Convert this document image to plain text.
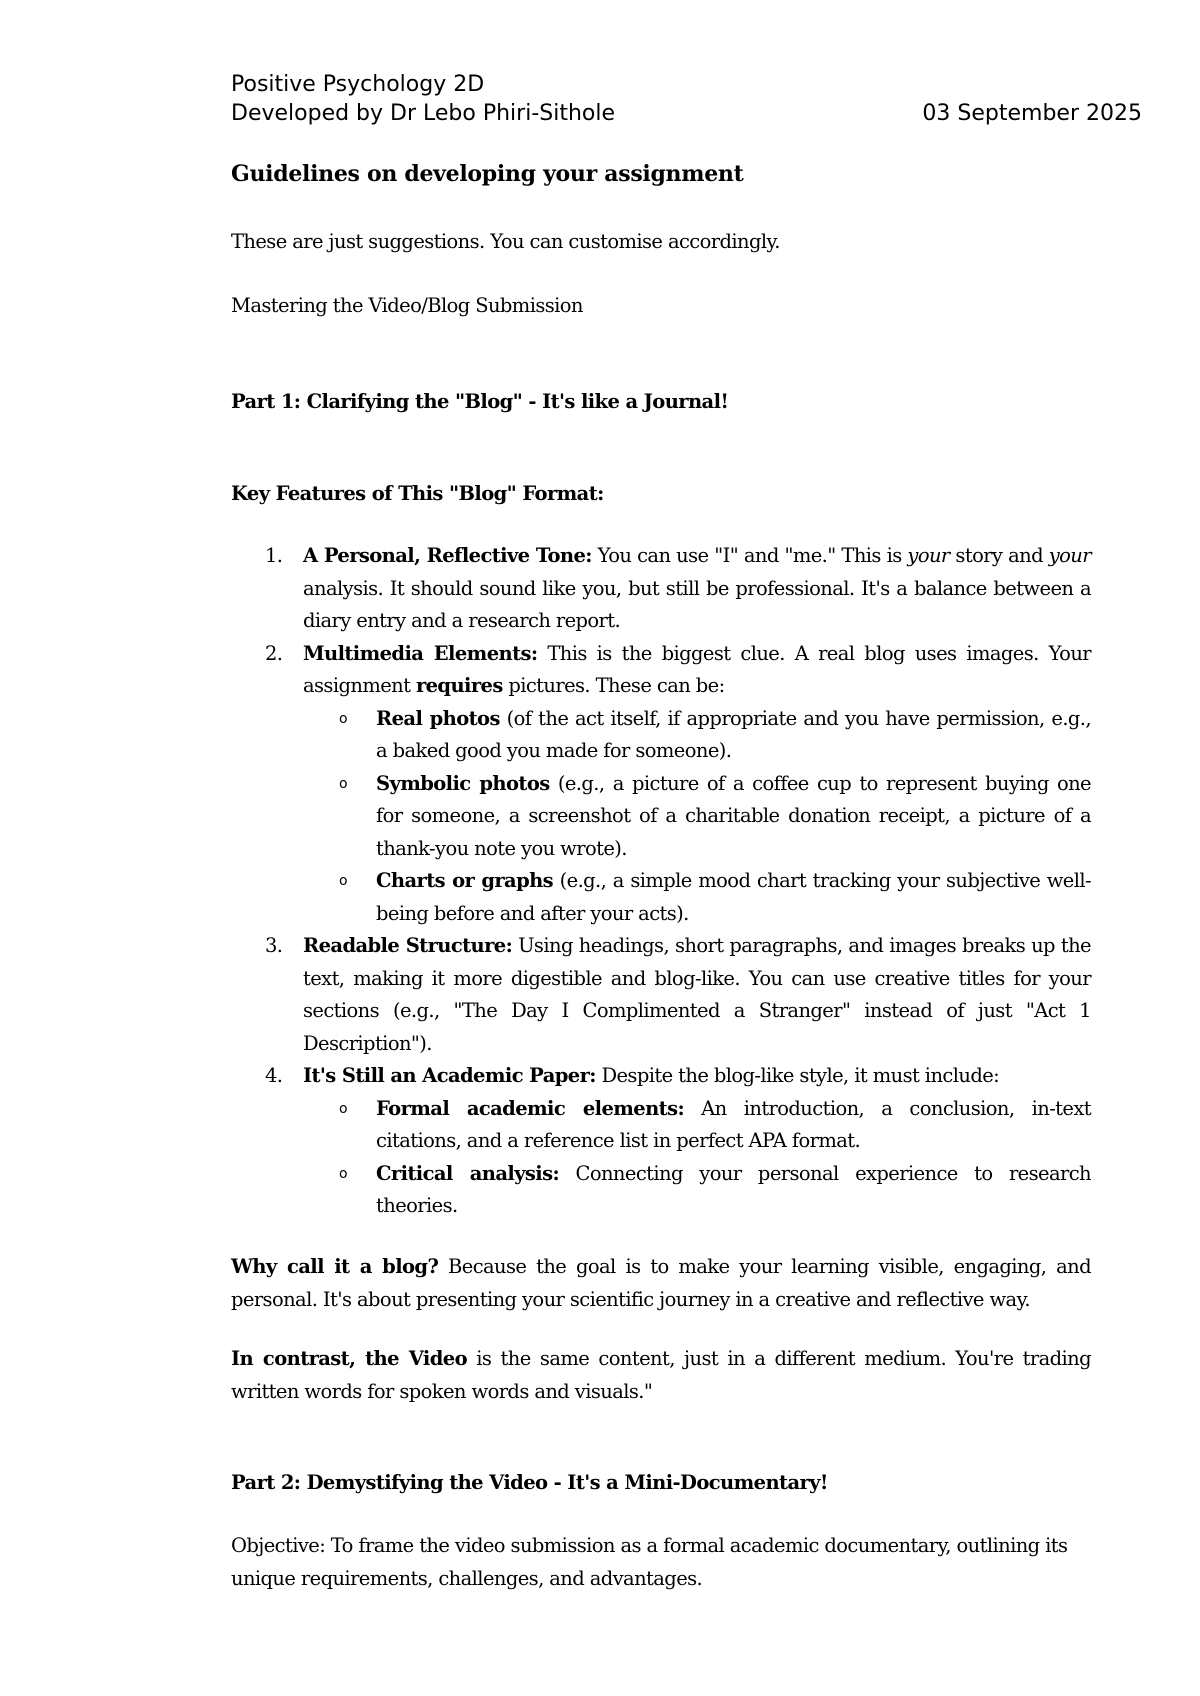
Positive Psychology 2D
Developed by Dr Lebo Phiri-Sithole	03 September 2025
Guidelines on developing your assignment
These are just suggestions. You can customise accordingly.
Mastering the Video/Blog Submission
Part 1: Clarifying the "Blog" - It's like a Journal!
Key Features of This "Blog" Format:
1. A Personal, Reflective Tone: You can use "I" and "me." This is your story and your analysis. It should sound like you, but still be professional. It's a balance between a diary entry and a research report.
2. Multimedia Elements: This is the biggest clue. A real blog uses images. Your assignment requires pictures. These can be:
o Real photos (of the act itself, if appropriate and you have permission, e.g., a baked good you made for someone).
o Symbolic photos (e.g., a picture of a coffee cup to represent buying one for someone, a screenshot of a charitable donation receipt, a picture of a thank-you note you wrote).
o Charts or graphs (e.g., a simple mood chart tracking your subjective well-being before and after your acts).
3. Readable Structure: Using headings, short paragraphs, and images breaks up the text, making it more digestible and blog-like. You can use creative titles for your sections (e.g., "The Day I Complimented a Stranger" instead of just "Act 1 Description").
4. It's Still an Academic Paper: Despite the blog-like style, it must include:
o Formal academic elements: An introduction, a conclusion, in-text citations, and a reference list in perfect APA format.
o Critical analysis: Connecting your personal experience to research theories.
Why call it a blog? Because the goal is to make your learning visible, engaging, and personal. It's about presenting your scientific journey in a creative and reflective way.
In contrast, the Video is the same content, just in a different medium. You're trading written words for spoken words and visuals."
Part 2: Demystifying the Video - It's a Mini-Documentary!
Objective: To frame the video submission as a formal academic documentary, outlining its unique requirements, challenges, and advantages.
